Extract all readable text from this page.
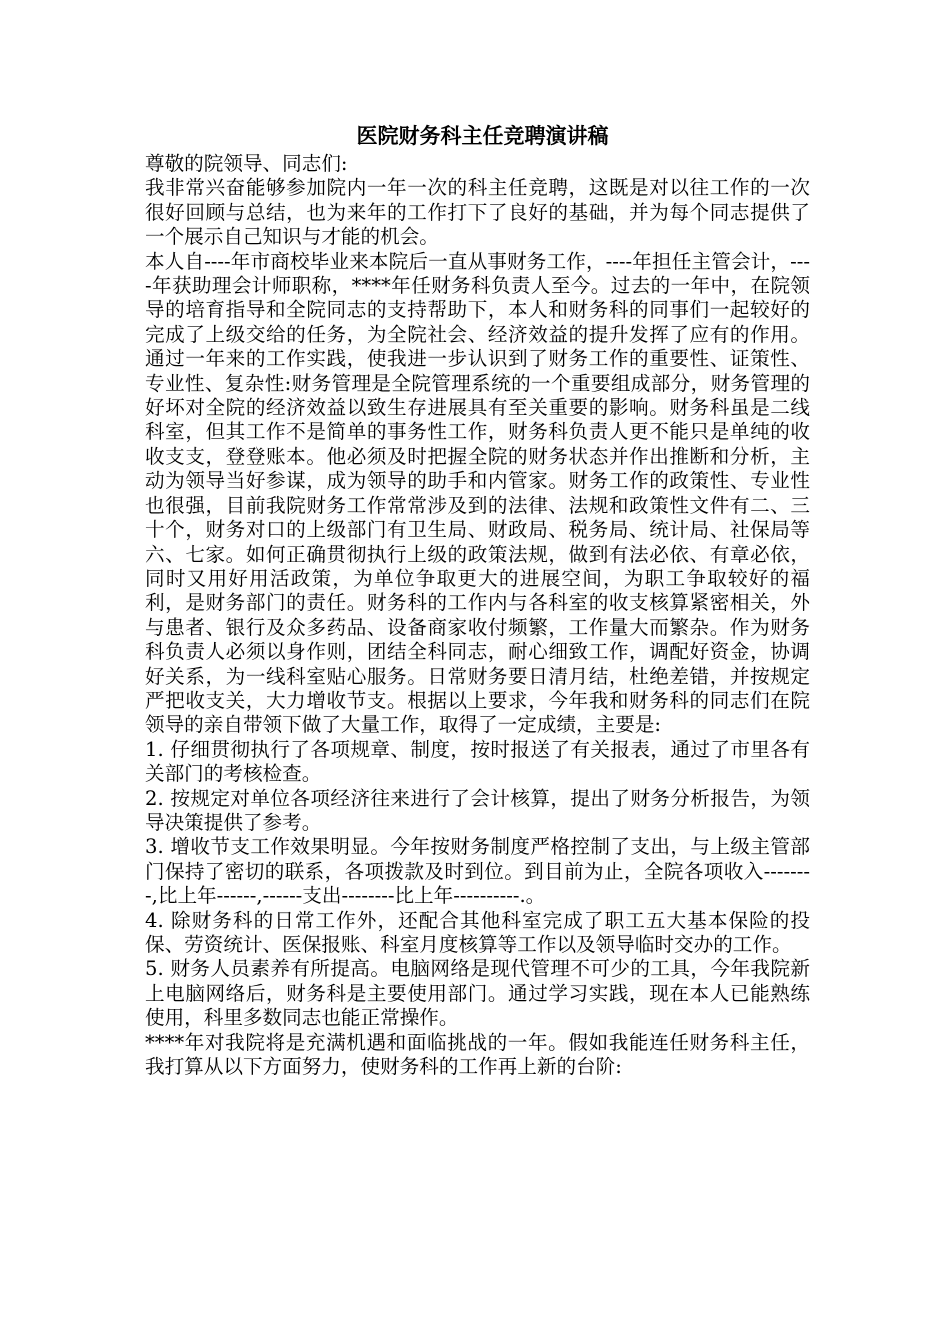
医院财务科主任竞聘演讲稿

尊敬的院领导、同志们:

我非常兴奋能够参加院内一年一次的科主任竞聘，这既是对以往工作的一次很好回顾与总结，也为来年的工作打下了良好的基础，并为每个同志提供了一个展示自己知识与才能的机会。

本人自----年市商校毕业来本院后一直从事财务工作，----年担任主管会计，----年获助理会计师职称，****年任财务科负责人至今。过去的一年中，在院领导的培育指导和全院同志的支持帮助下，本人和财务科的同事们一起较好的完成了上级交给的任务，为全院社会、经济效益的提升发挥了应有的作用。通过一年来的工作实践，使我进一步认识到了财务工作的重要性、证策性、专业性、复杂性:财务管理是全院管理系统的一个重要组成部分，财务管理的好坏对全院的经济效益以致生存进展具有至关重要的影响。财务科虽是二线科室，但其工作不是简单的事务性工作，财务科负责人更不能只是单纯的收收支支，登登账本。他必须及时把握全院的财务状态并作出推断和分析，主动为领导当好参谋，成为领导的助手和内管家。财务工作的政策性、专业性也很强，目前我院财务工作常常涉及到的法律、法规和政策性文件有二、三十个，财务对口的上级部门有卫生局、财政局、税务局、统计局、社保局等六、七家。如何正确贯彻执行上级的政策法规，做到有法必依、有章必依，同时又用好用活政策，为单位争取更大的进展空间，为职工争取较好的福利，是财务部门的责任。财务科的工作内与各科室的收支核算紧密相关，外与患者、银行及众多药品、设备商家收付频繁，工作量大而繁杂。作为财务科负责人必须以身作则，团结全科同志，耐心细致工作，调配好资金，协调好关系，为一线科室贴心服务。日常财务要日清月结，杜绝差错，并按规定严把收支关，大力增收节支。根据以上要求，今年我和财务科的同志们在院领导的亲自带领下做了大量工作，取得了一定成绩，主要是:

1. 仔细贯彻执行了各项规章、制度，按时报送了有关报表，通过了市里各有关部门的考核检查。

2. 按规定对单位各项经济往来进行了会计核算，提出了财务分析报告，为领导决策提供了参考。

3. 增收节支工作效果明显。今年按财务制度严格控制了支出，与上级主管部门保持了密切的联系，各项拨款及时到位。到目前为止，全院各项收入--------,比上年------,------支出--------比上年----------.。

4. 除财务科的日常工作外，还配合其他科室完成了职工五大基本保险的投保、劳资统计、医保报账、科室月度核算等工作以及领导临时交办的工作。

5. 财务人员素养有所提高。电脑网络是现代管理不可少的工具，今年我院新上电脑网络后，财务科是主要使用部门。通过学习实践，现在本人已能熟练使用，科里多数同志也能正常操作。

****年对我院将是充满机遇和面临挑战的一年。假如我能连任财务科主任，我打算从以下方面努力，使财务科的工作再上新的台阶:
